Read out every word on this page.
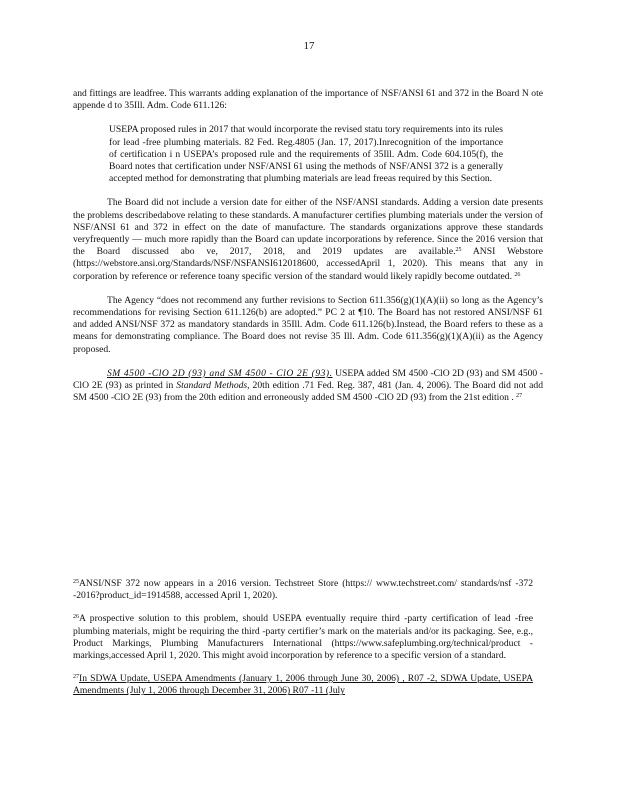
17

and fittings are leadfree. This warrants adding explanation of the importance of NSF/ANSI 61 and 372 in the Board N ote appende d to 35Ill. Adm. Code 611.126:

USEPA proposed rules in 2017 that would incorporate the revised statu tory requirements into its rules for lead -free plumbing materials. 82 Fed. Reg.4805 (Jan. 17, 2017).Inrecognition of the importance of certification i n USEPA’s proposed rule and the requirements of 35Ill. Adm. Code 604.105(f), the Board notes that certification under NSF/ANSI 61 using the methods of NSF/ANSI 372 is a generally accepted method for demonstrating that plumbing materials are lead freeas required by this Section.

The Board did not include a version date for either of the NSF/ANSI standards. Adding a version date presents the problems describedabove relating to these standards. A manufacturer certifies plumbing materials under the version of NSF/ANSI 61 and 372 in effect on the date of manufacture. The standards organizations approve these standards veryfrequently — much more rapidly than the Board can update incorporations by reference. Since the 2016 version that the Board discussed abo ve, 2017, 2018, and 2019 updates are available.$^{25}$ ANSI Webstore (https://webstore.ansi.org/Standards/NSF/NSFANSI612018600, accessedApril 1, 2020). This means that any in corporation by reference or reference toany specific version of the standard would likely rapidly become outdated. $^{26}$

The Agency “does not recommend any further revisions to Section 611.356(g)(1)(A)(ii) so long as the Agency’s recommendations for revising Section 611.126(b) are adopted.” PC 2 at ¶10. The Board has not restored ANSI/NSF 61 and added ANSI/NSF 372 as mandatory standards in 35Ill. Adm. Code 611.126(b).Instead, the Board refers to these as a means for demonstrating compliance. The Board does not revise 35 Ill. Adm. Code 611.356(g)(1)(A)(ii) as the Agency proposed.

SM 4500 -ClO 2D (93) and SM 4500 - ClO 2E (93). USEPA added SM 4500 -ClO 2D (93) and SM 4500 -ClO 2E (93) as printed in Standard Methods, 20th edition .71 Fed. Reg. 387, 481 (Jan. 4, 2006). The Board did not add SM 4500 -ClO 2E (93) from the 20th edition and erroneously added SM 4500 -ClO 2D (93) from the 21st edition . $^{27}$

$^{25}$ANSI/NSF 372 now appears in a 2016 version. Techstreet Store (https:// www.techstreet.com/ standards/nsf -372 -2016?product_id=1914588, accessed April 1, 2020).

$^{26}$A prospective solution to this problem, should USEPA eventually require third -party certification of lead -free plumbing materials, might be requiring the third -party certifier’s mark on the materials and/or its packaging. See, e.g., Product Markings, Plumbing Manufacturers International (https://www.safeplumbing.org/technical/product -markings,accessed April 1, 2020. This might avoid incorporation by reference to a specific version of a standard.

$^{27}$In SDWA Update, USEPA Amendments (January 1, 2006 through June 30, 2006) , R07 -2, SDWA Update, USEPA Amendments (July 1, 2006 through December 31, 2006) R07 -11 (July
